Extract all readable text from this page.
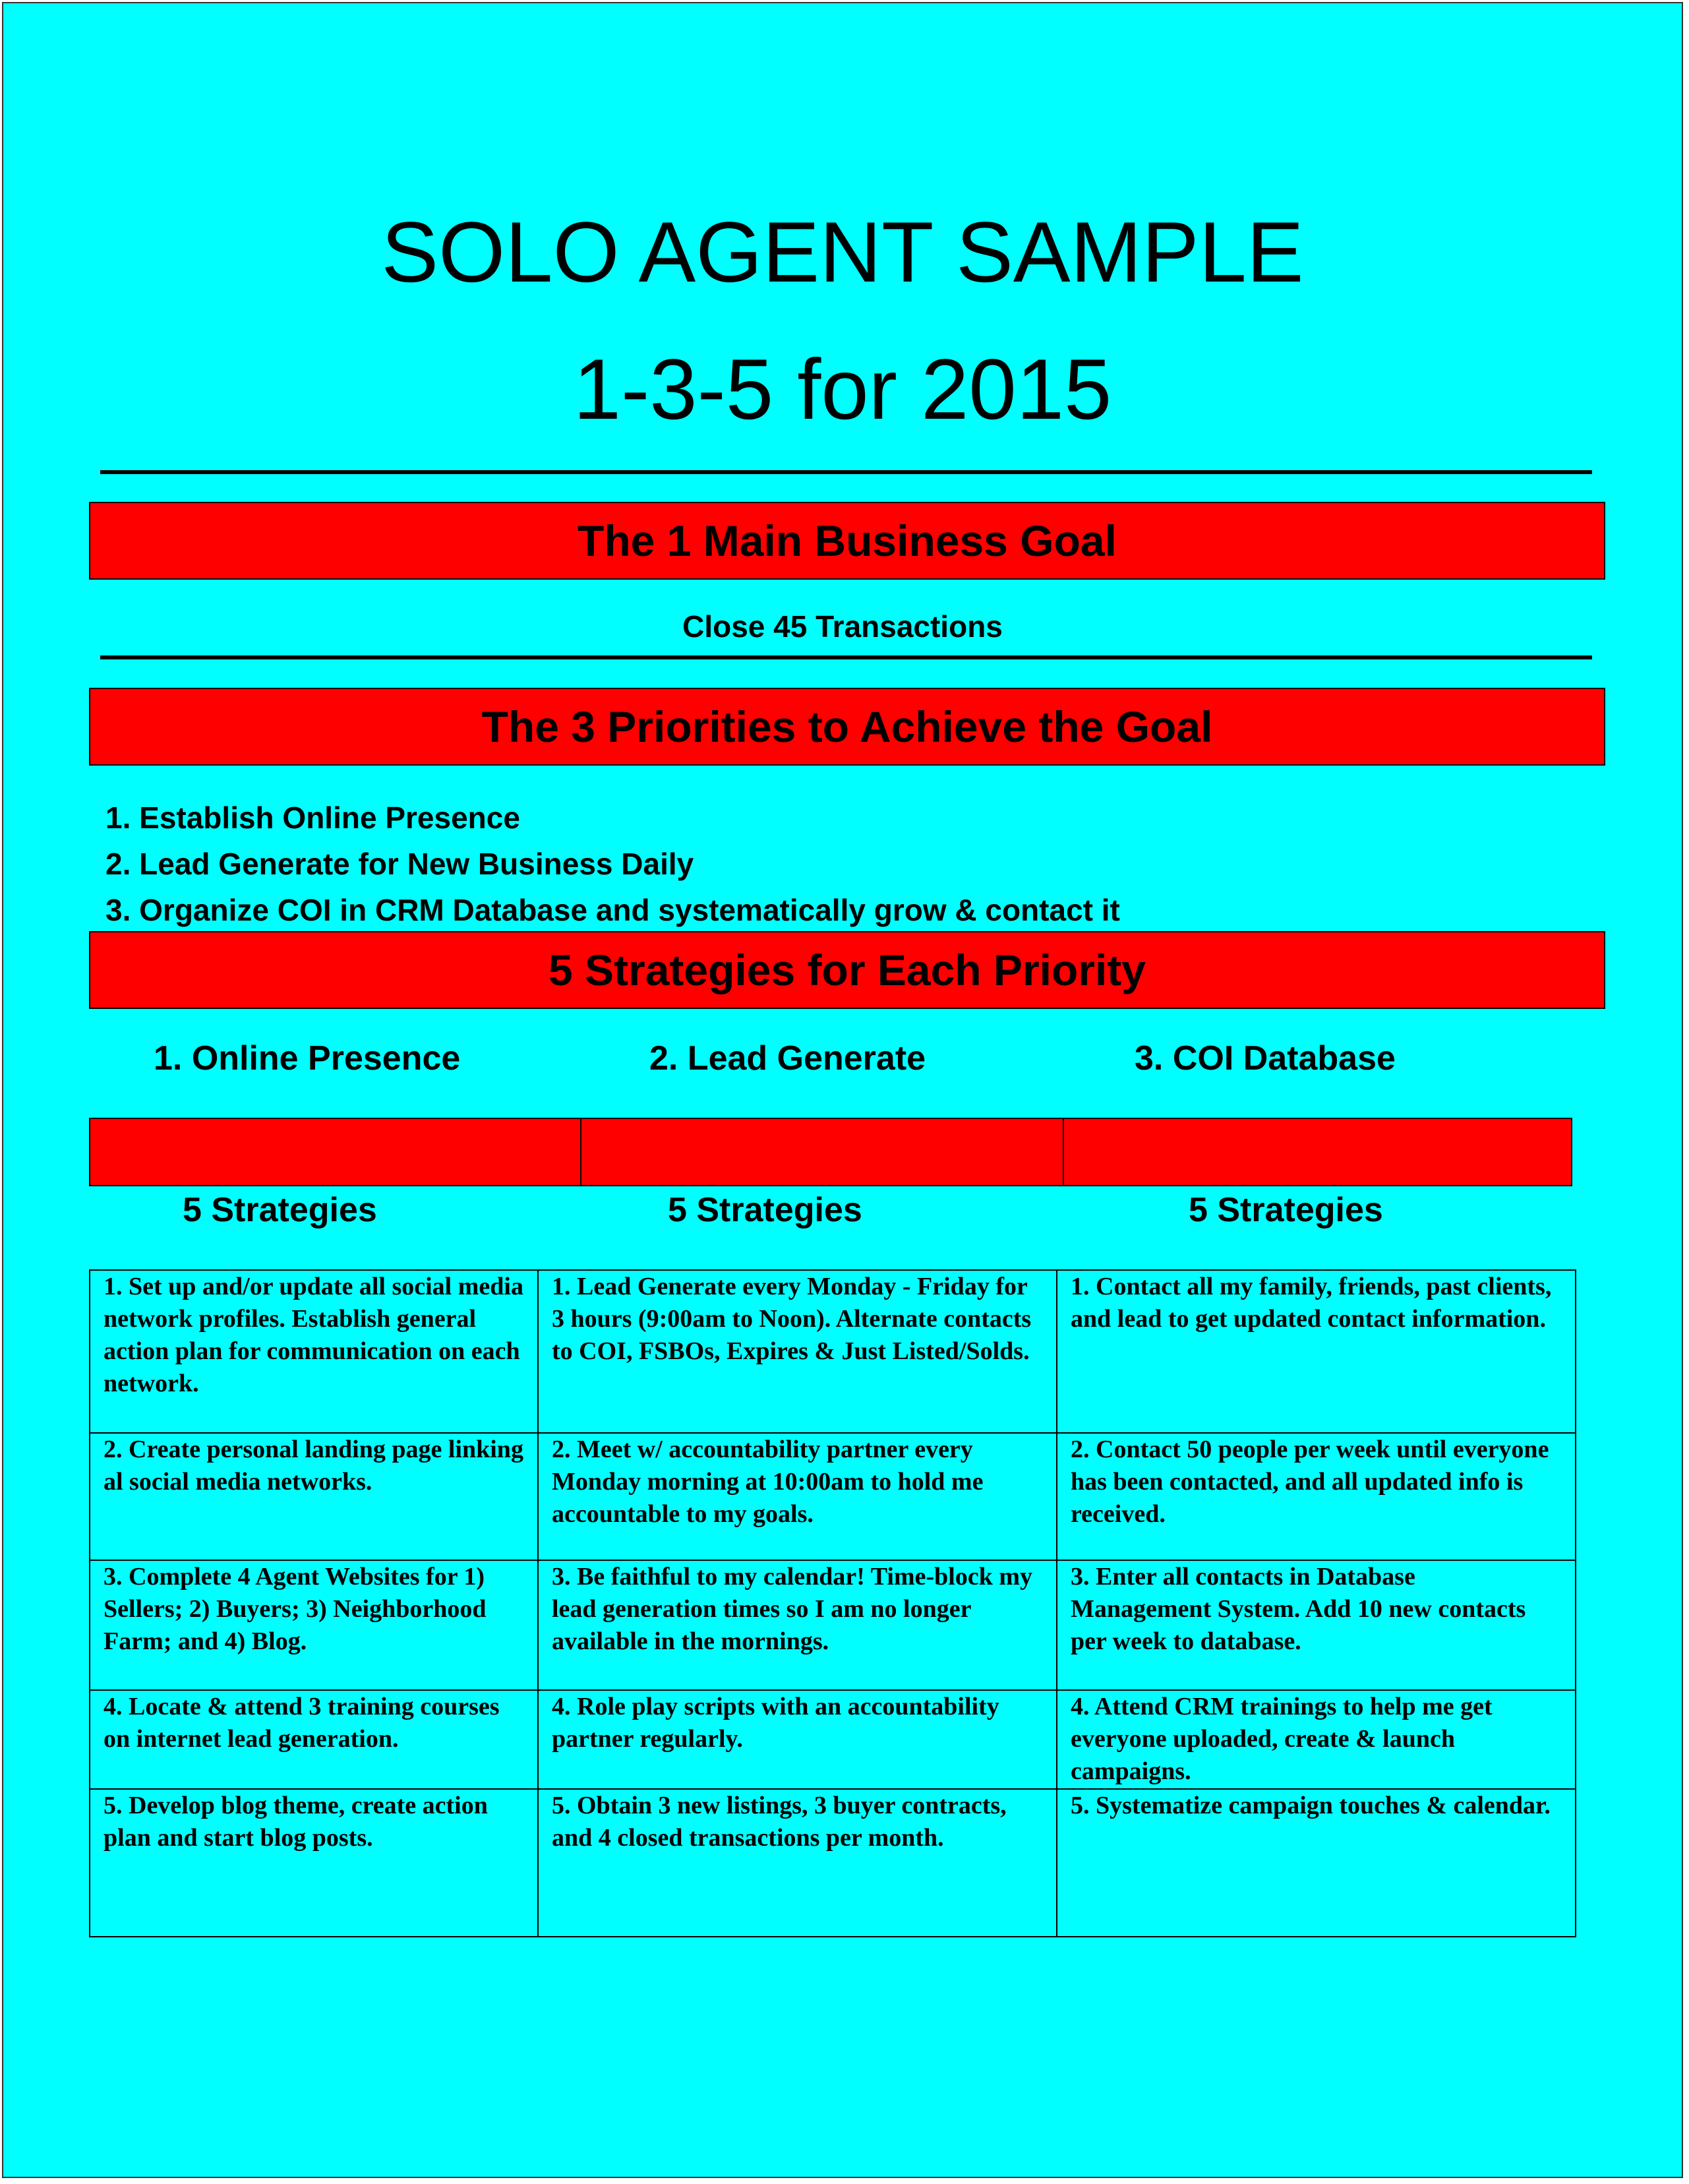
SOLO AGENT SAMPLE
1-3-5 for 2015
The 1 Main Business Goal
Close 45 Transactions
The 3 Priorities to Achieve the Goal
1. Establish Online Presence
2. Lead Generate for New Business Daily
3. Organize COI in CRM Database and systematically grow & contact it
5 Strategies for Each Priority
1. Online Presence	2. Lead Generate	3. COI Database
5 Strategies	5 Strategies	5 Strategies
1. Set up and/or update all social media network profiles. Establish general action plan for communication on each network.	1. Lead Generate every Monday - Friday for 3 hours (9:00am to Noon). Alternate contacts to COI, FSBOs, Expires & Just Listed/Solds.	1. Contact all my family, friends, past clients, and lead to get updated contact information.
2. Create personal landing page linking al social media networks.	2. Meet w/ accountability partner every Monday morning at 10:00am to hold me accountable to my goals.	2. Contact 50 people per week until everyone has been contacted, and all updated info is received.
3. Complete 4 Agent Websites for 1) Sellers; 2) Buyers; 3) Neighborhood Farm; and 4) Blog.	3. Be faithful to my calendar! Time-block my lead generation times so I am no longer available in the mornings.	3. Enter all contacts in Database Management System. Add 10 new contacts per week to database.
4. Locate & attend 3 training courses on internet lead generation.	4. Role play scripts with an accountability partner regularly.	4. Attend CRM trainings to help me get everyone uploaded, create & launch campaigns.
5. Develop blog theme, create action plan and start blog posts.	5. Obtain 3 new listings, 3 buyer contracts, and 4 closed transactions per month.	5. Systematize campaign touches & calendar.
